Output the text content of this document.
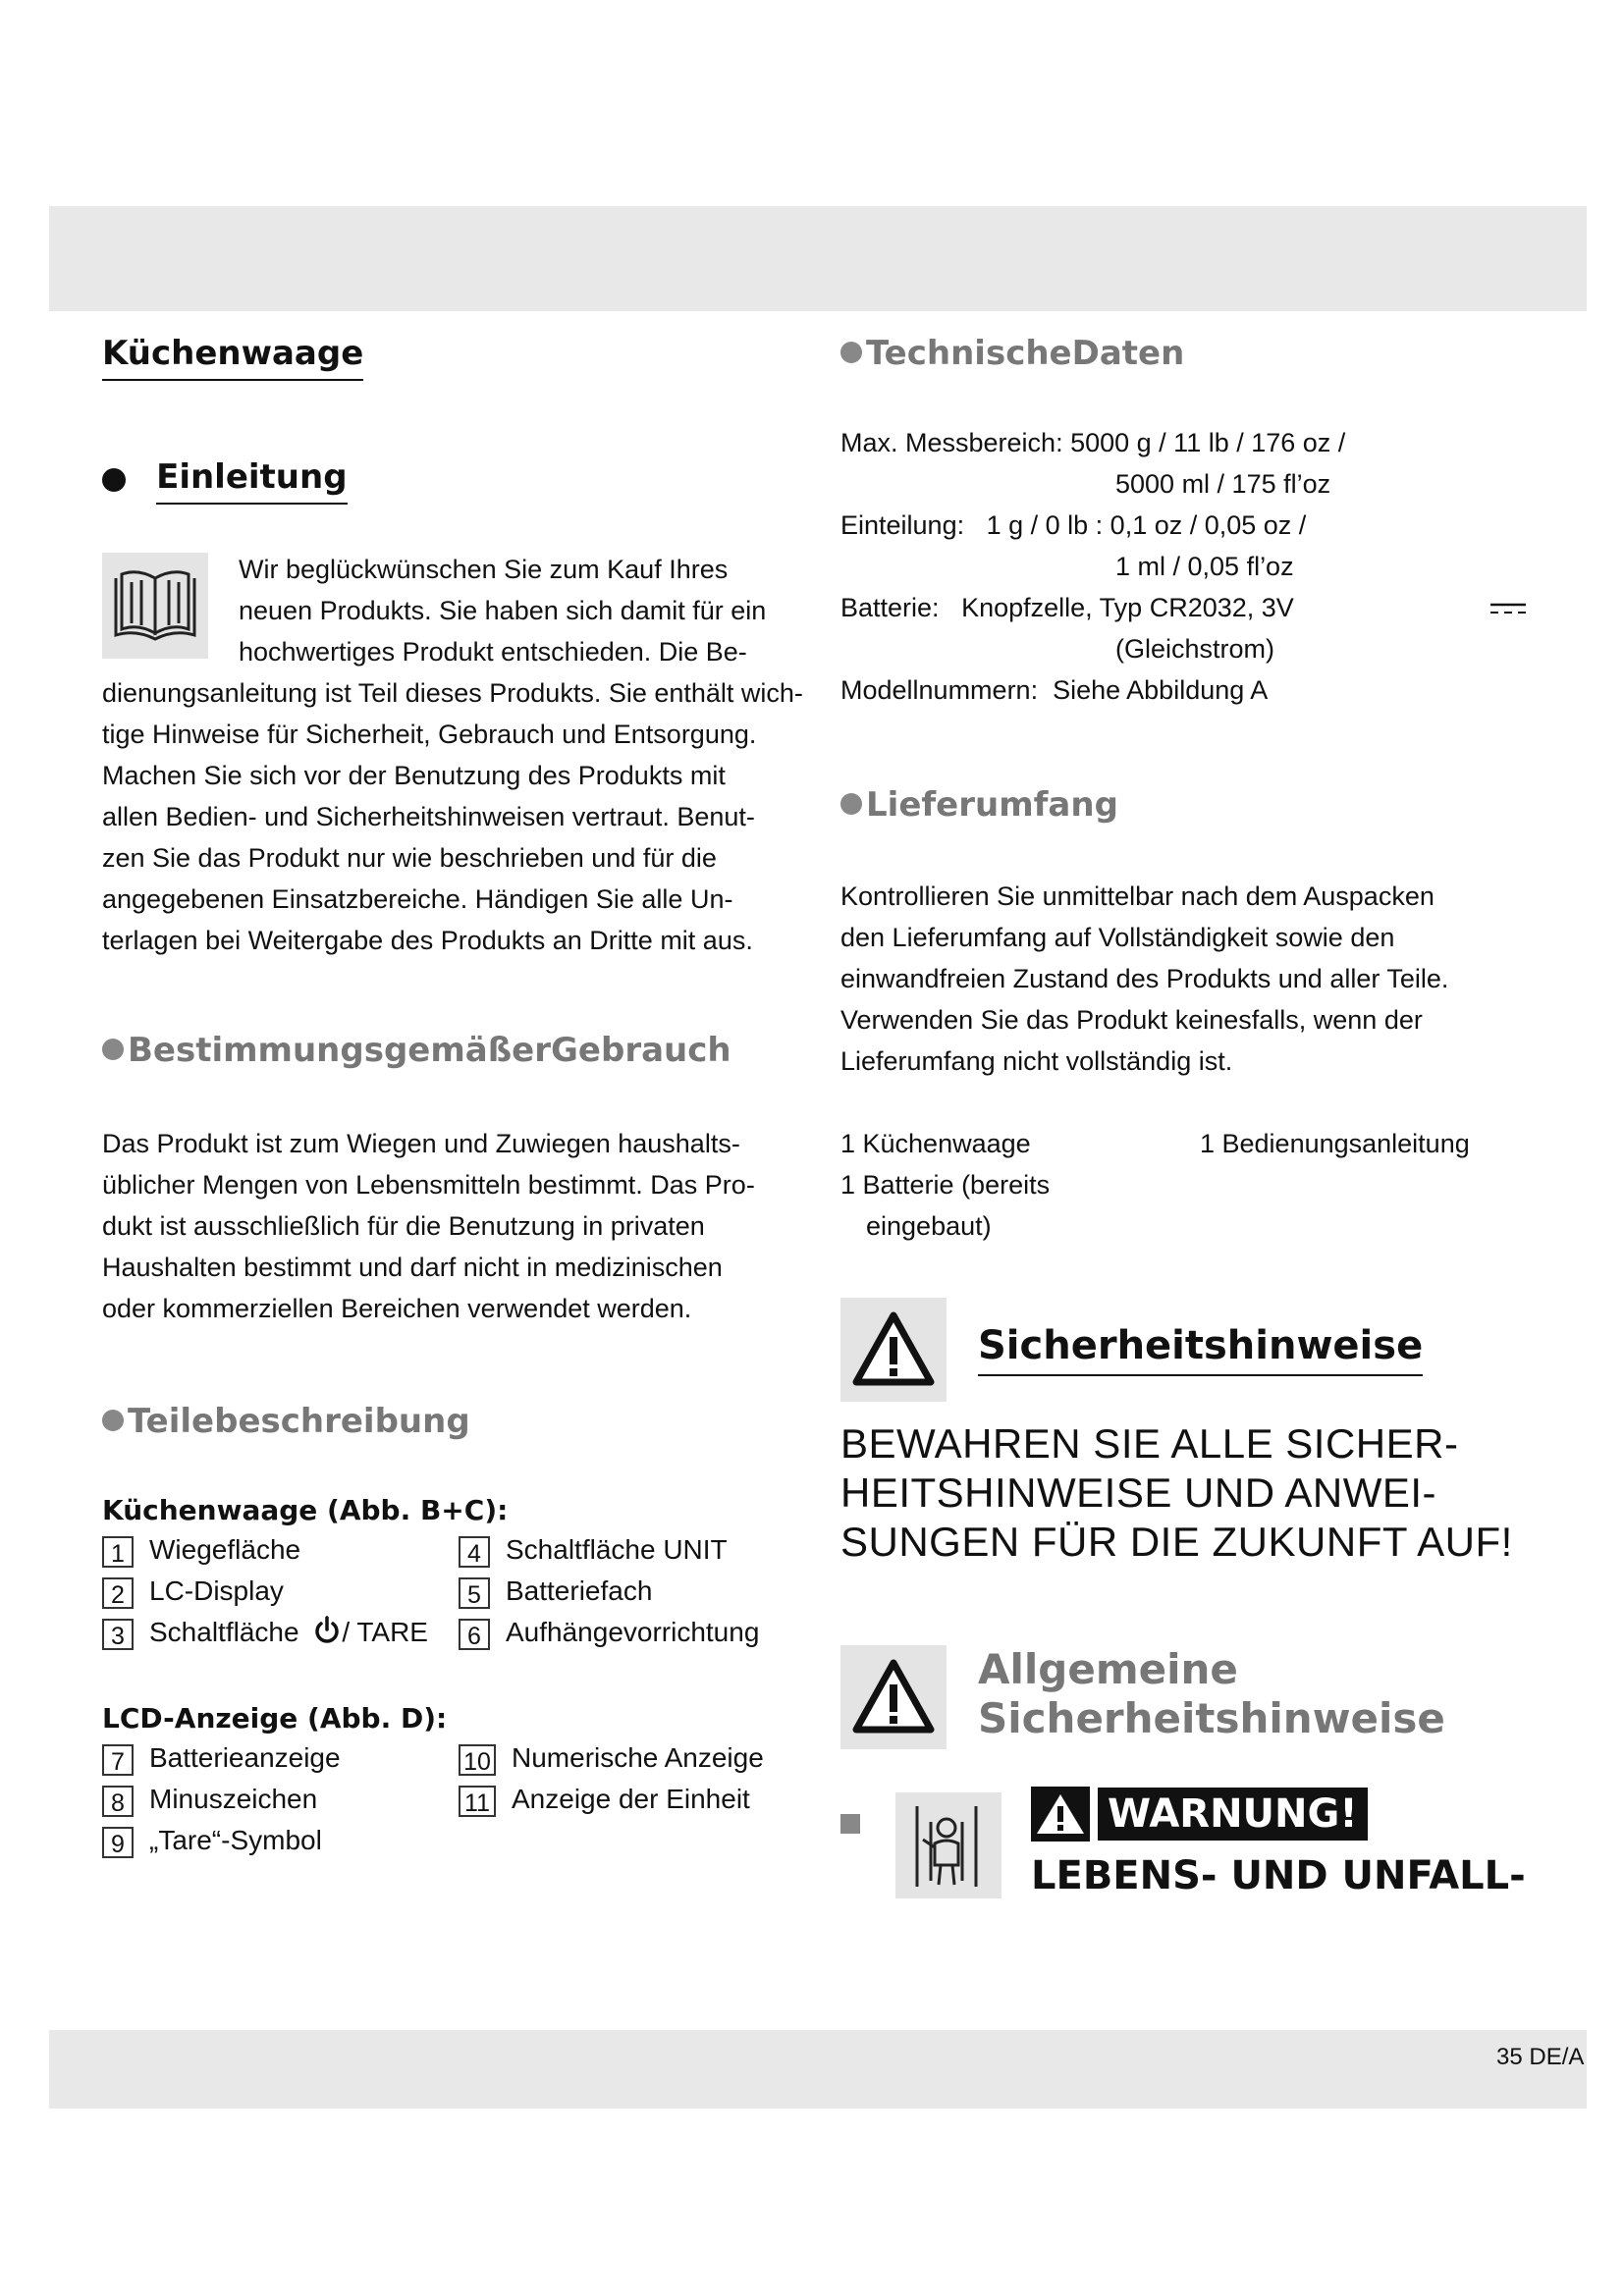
Küchenwaage
Einleitung
Wir beglückwünschen Sie zum Kauf Ihres
neuen Produkts. Sie haben sich damit für ein
hochwertiges Produkt entschieden. Die Be-
dienungsanleitung ist Teil dieses Produkts. Sie enthält wich-
tige Hinweise für Sicherheit, Gebrauch und Entsorgung.
Machen Sie sich vor der Benutzung des Produkts mit
allen Bedien- und Sicherheitshinweisen vertraut. Benut-
zen Sie das Produkt nur wie beschrieben und für die
angegebenen Einsatzbereiche. Händigen Sie alle Un-
terlagen bei Weitergabe des Produkts an Dritte mit aus.
BestimmungsgemäßerGebrauch
Das Produkt ist zum Wiegen und Zuwiegen haushalts-
üblicher Mengen von Lebensmitteln bestimmt. Das Pro-
dukt ist ausschließlich für die Benutzung in privaten
Haushalten bestimmt und darf nicht in medizinischen
oder kommerziellen Bereichen verwendet werden.
Teilebeschreibung
Küchenwaage (Abb. B+C):
1 Wiegefläche
2 LC-Display
3 Schaltfläche / TARE
4 Schaltfläche UNIT
5 Batteriefach
6 Aufhängevorrichtung
LCD-Anzeige (Abb. D):
7 Batterieanzeige
8 Minuszeichen
9 „Tare“-Symbol
10 Numerische Anzeige
11 Anzeige der Einheit
TechnischeDaten
Max. Messbereich: 5000 g / 11 lb / 176 oz /
5000 ml / 175 fl’oz
Einteilung: 1 g / 0 lb : 0,1 oz / 0,05 oz /
1 ml / 0,05 fl’oz
Batterie: Knopfzelle, Typ CR2032, 3V
(Gleichstrom)
Modellnummern: Siehe Abbildung A
Lieferumfang
Kontrollieren Sie unmittelbar nach dem Auspacken
den Lieferumfang auf Vollständigkeit sowie den
einwandfreien Zustand des Produkts und aller Teile.
Verwenden Sie das Produkt keinesfalls, wenn der
Lieferumfang nicht vollständig ist.
1 Küchenwaage
1 Batterie (bereits
eingebaut)
1 Bedienungsanleitung
Sicherheitshinweise
BEWAHREN SIE ALLE SICHER-
HEITSHINWEISE UND ANWEI-
SUNGEN FÜR DIE ZUKUNFT AUF!
Allgemeine
Sicherheitshinweise
WARNUNG!
LEBENS- UND UNFALL-
35 DE/A
